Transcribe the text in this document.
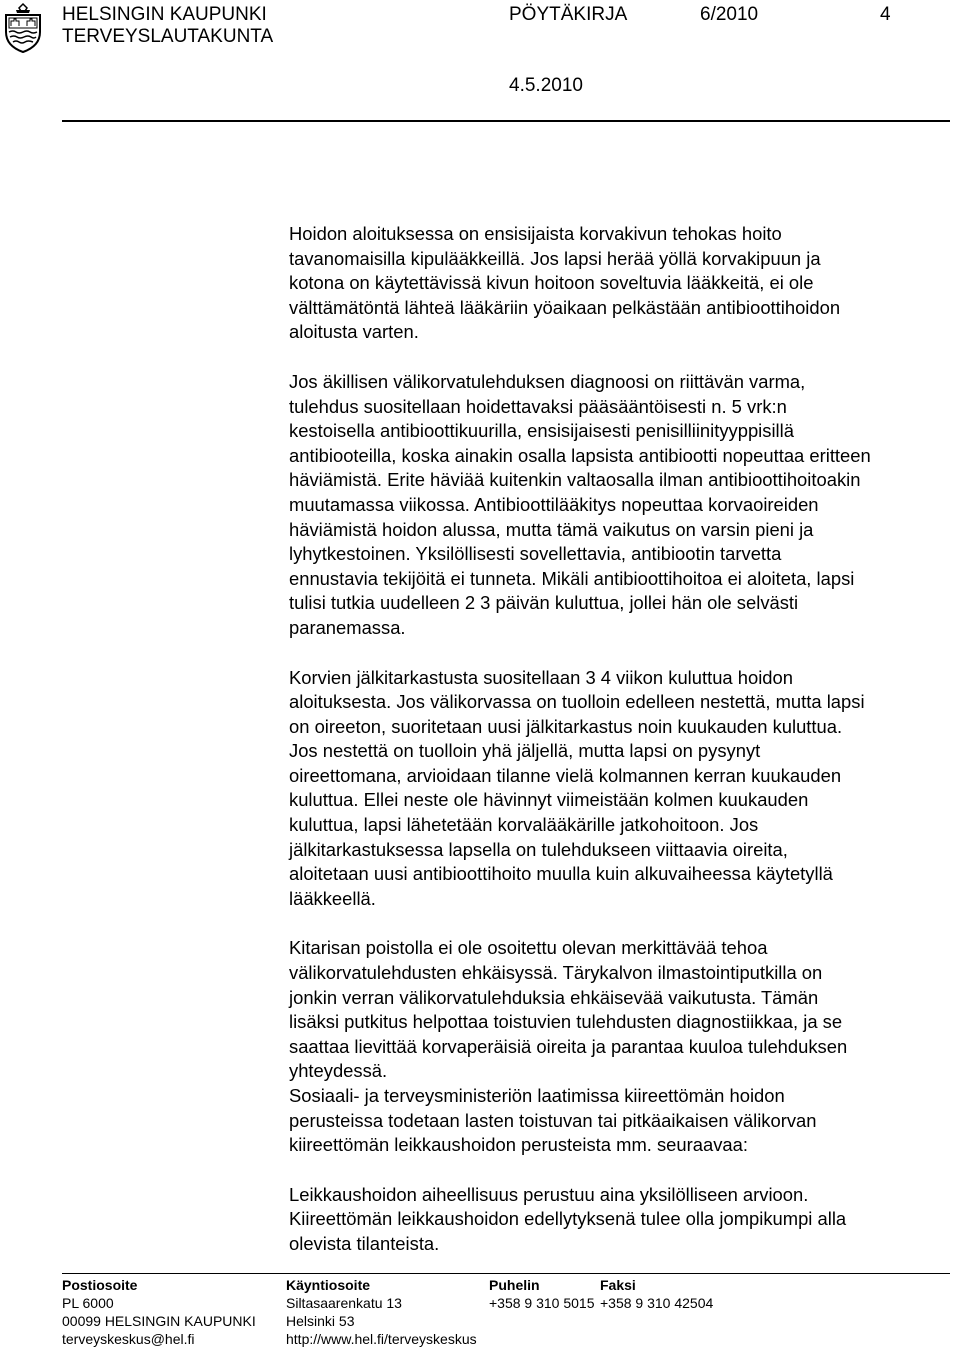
HELSINGIN KAUPUNKI
TERVEYSLAUTAKUNTA
PÖYTÄKIRJA	6/2010	4
4.5.2010

Hoidon aloituksessa on ensisijaista korvakivun tehokas hoito
tavanomaisilla kipulääkkeillä. Jos lapsi herää yöllä korvakipuun ja
kotona on käytettävissä kivun hoitoon soveltuvia lääkkeitä, ei ole
välttämätöntä lähteä lääkäriin yöaikaan pelkästään antibioottihoidon
aloitusta varten.

Jos äkillisen välikorvatulehduksen diagnoosi on riittävän varma,
tulehdus suositellaan hoidettavaksi pääsääntöisesti n. 5 vrk:n
kestoisella antibioottikuurilla, ensisijaisesti penisilliinityyppisillä
antibiooteilla, koska ainakin osalla lapsista antibiootti nopeuttaa eritteen
häviämistä. Erite häviää kuitenkin valtaosalla ilman antibioottihoitoakin
muutamassa viikossa. Antibioottilääkitys nopeuttaa korvaoireiden
häviämistä hoidon alussa, mutta tämä vaikutus on varsin pieni ja
lyhytkestoinen. Yksilöllisesti sovellettavia, antibiootin tarvetta
ennustavia tekijöitä ei tunneta. Mikäli antibioottihoitoa ei aloiteta, lapsi
tulisi tutkia uudelleen 2 3 päivän kuluttua, jollei hän ole selvästi
paranemassa.

Korvien jälkitarkastusta suositellaan 3 4 viikon kuluttua hoidon
aloituksesta. Jos välikorvassa on tuolloin edelleen nestettä, mutta lapsi
on oireeton, suoritetaan uusi jälkitarkastus noin kuukauden kuluttua.
Jos nestettä on tuolloin yhä jäljellä, mutta lapsi on pysynyt
oireettomana, arvioidaan tilanne vielä kolmannen kerran kuukauden
kuluttua. Ellei neste ole hävinnyt viimeistään kolmen kuukauden
kuluttua, lapsi lähetetään korvalääkärille jatkohoitoon. Jos
jälkitarkastuksessa lapsella on tulehdukseen viittaavia oireita,
aloitetaan uusi antibioottihoito muulla kuin alkuvaiheessa käytetyllä
lääkkeellä.

Kitarisan poistolla ei ole osoitettu olevan merkittävää tehoa
välikorvatulehdusten ehkäisyssä. Tärykalvon ilmastointiputkilla on
jonkin verran välikorvatulehduksia ehkäisevää vaikutusta. Tämän
lisäksi putkitus helpottaa toistuvien tulehdusten diagnostiikkaa, ja se
saattaa lievittää korvaperäisiä oireita ja parantaa kuuloa tulehduksen
yhteydessä.

Sosiaali- ja terveysministeriön laatimissa kiireettömän hoidon
perusteissa todetaan lasten toistuvan tai pitkäaikaisen välikorvan
kiireettömän leikkaushoidon perusteista mm. seuraavaa:

Leikkaushoidon aiheellisuus perustuu aina yksilölliseen arvioon.
Kiireettömän leikkaushoidon edellytyksenä tulee olla jompikumpi alla
olevista tilanteista.

Postiosoite
PL 6000
00099 HELSINGIN KAUPUNKI
terveyskeskus@hel.fi
Käyntiosoite
Siltasaarenkatu 13
Helsinki 53
http://www.hel.fi/terveyskeskus
Puhelin
+358 9 310 5015
Faksi
+358 9 310 42504
